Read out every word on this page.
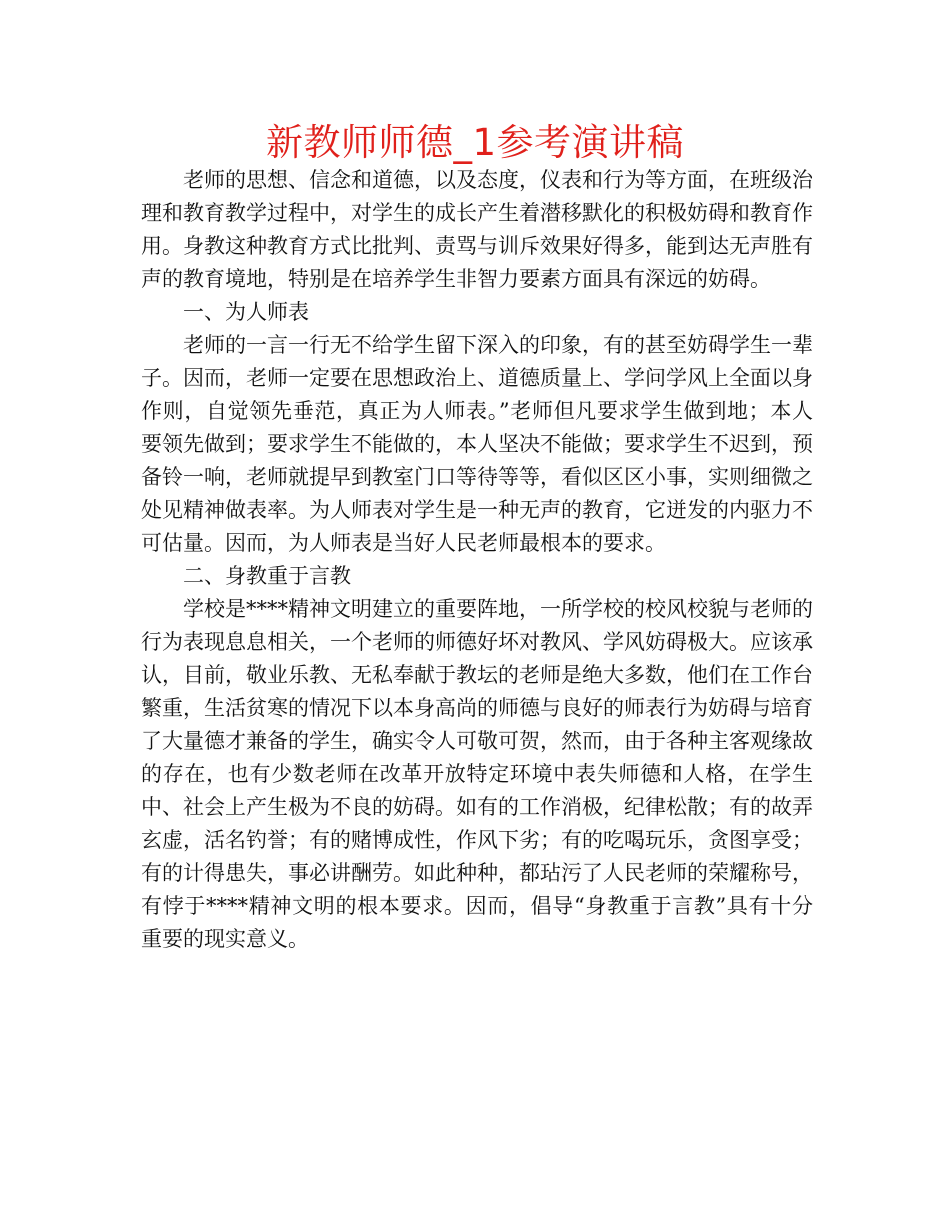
新教师师德_1参考演讲稿

老师的思想、信念和道德，以及态度，仪表和行为等方面，在班级治理和教育教学过程中，对学生的成长产生着潜移默化的积极妨碍和教育作用。身教这种教育方式比批判、责骂与训斥效果好得多，能到达无声胜有声的教育境地，特别是在培养学生非智力要素方面具有深远的妨碍。

一、为人师表

老师的一言一行无不给学生留下深入的印象，有的甚至妨碍学生一辈子。因而，老师一定要在思想政治上、道德质量上、学问学风上全面以身作则，自觉领先垂范，真正为人师表。”老师但凡要求学生做到地；本人要领先做到；要求学生不能做的，本人坚决不能做；要求学生不迟到，预备铃一响，老师就提早到教室门口等待等等，看似区区小事，实则细微之处见精神做表率。为人师表对学生是一种无声的教育，它迸发的内驱力不可估量。因而，为人师表是当好人民老师最根本的要求。

二、身教重于言教

学校是****精神文明建立的重要阵地，一所学校的校风校貌与老师的行为表现息息相关，一个老师的师德好坏对教风、学风妨碍极大。应该承认，目前，敬业乐教、无私奉献于教坛的老师是绝大多数，他们在工作台繁重，生活贫寒的情况下以本身高尚的师德与良好的师表行为妨碍与培育了大量德才兼备的学生，确实令人可敬可贺，然而，由于各种主客观缘故的存在，也有少数老师在改革开放特定环境中表失师德和人格，在学生中、社会上产生极为不良的妨碍。如有的工作消极，纪律松散；有的故弄玄虚，活名钓誉；有的赌博成性，作风下劣；有的吃喝玩乐，贪图享受；有的计得患失，事必讲酬劳。如此种种，都玷污了人民老师的荣耀称号，有悖于****精神文明的根本要求。因而，倡导“身教重于言教”具有十分重要的现实意义。
